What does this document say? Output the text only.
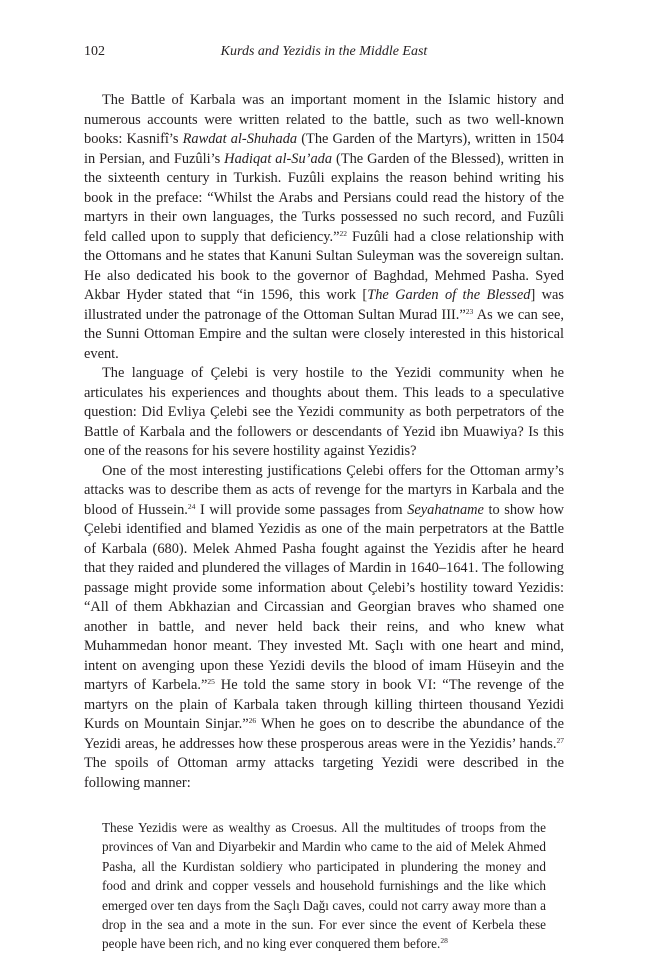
102	Kurds and Yezidis in the Middle East

The Battle of Karbala was an important moment in the Islamic history and numerous accounts were written related to the battle, such as two well-known books: Kasnifî’s Rawdat al-Shuhada (The Garden of the Martyrs), written in 1504 in Persian, and Fuzûli’s Hadiqat al-Su’ada (The Garden of the Blessed), written in the sixteenth century in Turkish. Fuzûli explains the reason behind writing his book in the preface: “Whilst the Arabs and Persians could read the history of the martyrs in their own languages, the Turks possessed no such record, and Fuzûli feld called upon to supply that deficiency.”$^{22}$ Fuzûli had a close relationship with the Ottomans and he states that Kanuni Sultan Suleyman was the sovereign sultan. He also dedicated his book to the governor of Baghdad, Mehmed Pasha. Syed Akbar Hyder stated that “in 1596, this work [The Garden of the Blessed] was illustrated under the patronage of the Ottoman Sultan Murad III.”$^{23}$ As we can see, the Sunni Ottoman Empire and the sultan were closely interested in this historical event.

The language of Çelebi is very hostile to the Yezidi community when he articulates his experiences and thoughts about them. This leads to a speculative question: Did Evliya Çelebi see the Yezidi community as both perpetrators of the Battle of Karbala and the followers or descendants of Yezid ibn Muawiya? Is this one of the reasons for his severe hostility against Yezidis?

One of the most interesting justifications Çelebi offers for the Ottoman army’s attacks was to describe them as acts of revenge for the martyrs in Karbala and the blood of Hussein.$^{24}$ I will provide some passages from Seyahatname to show how Çelebi identified and blamed Yezidis as one of the main perpetrators at the Battle of Karbala (680). Melek Ahmed Pasha fought against the Yezidis after he heard that they raided and plundered the villages of Mardin in 1640–1641. The following passage might provide some information about Çelebi’s hostility toward Yezidis: “All of them Abkhazian and Circassian and Georgian braves who shamed one another in battle, and never held back their reins, and who knew what Muhammedan honor meant. They invested Mt. Saçlı with one heart and mind, intent on avenging upon these Yezidi devils the blood of imam Hüseyin and the martyrs of Karbela.”$^{25}$ He told the same story in book VI: “The revenge of the martyrs on the plain of Karbala taken through killing thirteen thousand Yezidi Kurds on Mountain Sinjar.”$^{26}$ When he goes on to describe the abundance of the Yezidi areas, he addresses how these prosperous areas were in the Yezidis’ hands.$^{27}$ The spoils of Ottoman army attacks targeting Yezidi were described in the following manner:

These Yezidis were as wealthy as Croesus. All the multitudes of troops from the provinces of Van and Diyarbekir and Mardin who came to the aid of Melek Ahmed Pasha, all the Kurdistan soldiery who participated in plundering the money and food and drink and copper vessels and household furnishings and the like which emerged over ten days from the Saçlı Dağı caves, could not carry away more than a drop in the sea and a mote in the sun. For ever since the event of Kerbela these people have been rich, and no king ever conquered them before.$^{28}$
